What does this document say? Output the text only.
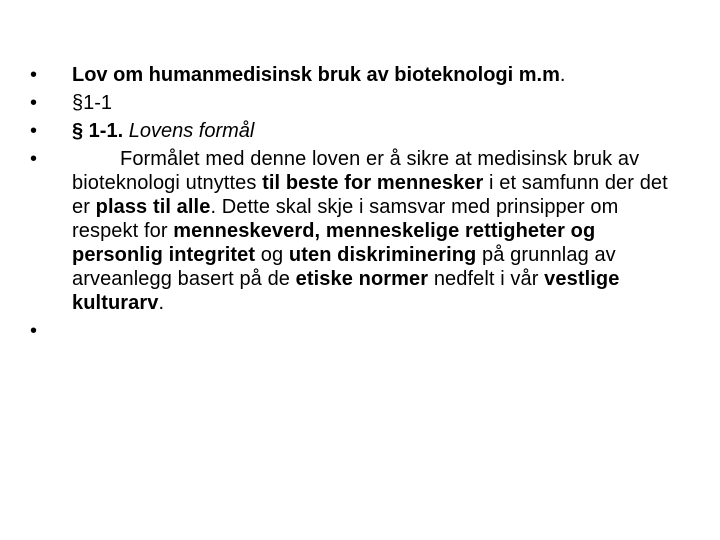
•	Lov om humanmedisinsk bruk av bioteknologi m.m.
•	§1-1
•	§ 1-1. Lovens formål
•	Formålet med denne loven er å sikre at medisinsk bruk av bioteknologi utnyttes til beste for mennesker i et samfunn der det er plass til alle. Dette skal skje i samsvar med prinsipper om respekt for menneskeverd, menneskelige rettigheter og personlig integritet og uten diskriminering på grunnlag av arveanlegg basert på de etiske normer nedfelt i vår vestlige kulturarv.
•
